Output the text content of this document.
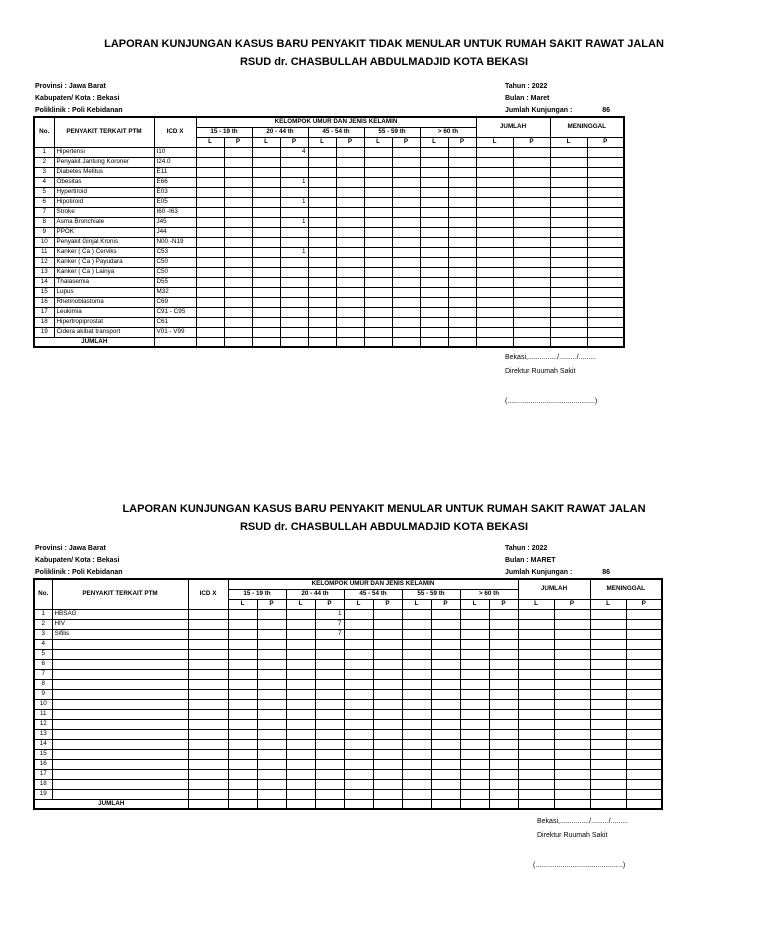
LAPORAN KUNJUNGAN KASUS BARU PENYAKIT TIDAK MENULAR UNTUK RUMAH SAKIT RAWAT JALAN
RSUD dr. CHASBULLAH ABDULMADJID KOTA BEKASI
Provinsi : Jawa Barat
Kabupaten/ Kota : Bekasi
Poliklinik : Poli Kebidanan
Tahun : 2022
Bulan : Maret
Jumlah Kunjungan :	86
No.	PENYAKIT TERKAIT PTM	ICD X	KELOMPOK UMUR DAN JENIS KELAMIN										JUMLAH		MENINGGAL	
			15 - 19 th		20 - 44 th		45 - 54 th		55 - 59 th		> 60 th					
			L	P	L	P	L	P	L	P	L	P	L	P	L	P
1	Hipertensi	I10				4										
2	Penyakit Jantung Koroner	I24.0														
3	Diabetes Melitus	E11														
4	Obesitas	E66				1										
5	Hypertiroid	E03														
6	Hipotiroid	E05				1										
7	Stroke	I60 -I63														
8	Asma Bronchiale	J45				1										
9	PPOK	J44														
10	Penyakit Ginjal Kronis	N00 -N19														
11	Kanker ( Ca ) Cerviks	C53				1										
12	Kanker ( Ca ) Payudara	C50														
13	Kanker ( Ca ) Lainya	C50														
14	Thalasemia	D55														
15	Lupus	M32														
16	Rhetinoblastoma	C69														
17	Leukimia	C91 - C95														
18	Hipertropiprostat	C61														
19	Cidera akibat transport	V01 - V99														
JUMLAH																
Bekasi,.............../........./.........
Direktur Ruumah Sakit
(.............................................)
LAPORAN KUNJUNGAN KASUS BARU PENYAKIT MENULAR UNTUK RUMAH SAKIT RAWAT JALAN
RSUD dr. CHASBULLAH ABDULMADJID KOTA BEKASI
Provinsi : Jawa Barat
Kabupaten/ Kota : Bekasi
Poliklinik : Poli Kebidanan
Tahun : 2022
Bulan : MARET
Jumlah Kunjungan :	86
No.	PENYAKIT TERKAIT PTM	ICD X	KELOMPOK UMUR DAN JENIS KELAMIN										JUMLAH		MENINGGAL	
			15 - 19 th		20 - 44 th		45 - 54 th		55 - 59 th		> 60 th					
			L	P	L	P	L	P	L	P	L	P	L	P	L	P
1	HBSAG					1										
2	HIV					7										
3	Sifilis					7										
4																
5																
6																
7																
8																
9																
10																
11																
12																
13																
14																
15																
16																
17																
18																
19																
JUMLAH																
Bekasi,.............../........./.........
Direktur Ruumah Sakit
(.............................................)
